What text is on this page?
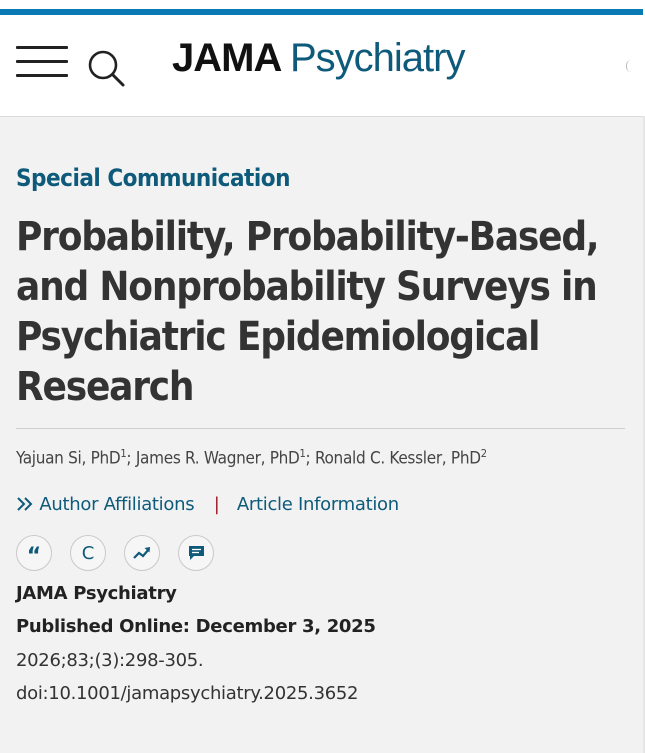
JAMA Psychiatry
Special Communication
Probability, Probability-Based, and Nonprobability Surveys in Psychiatric Epidemiological Research
Yajuan Si, PhD$^1$; James R. Wagner, PhD$^1$; Ronald C. Kessler, PhD$^2$
Author Affiliations | Article Information
“ C
JAMA Psychiatry
Published Online: December 3, 2025
2026;83;(3):298-305.
doi:10.1001/jamapsychiatry.2025.3652
